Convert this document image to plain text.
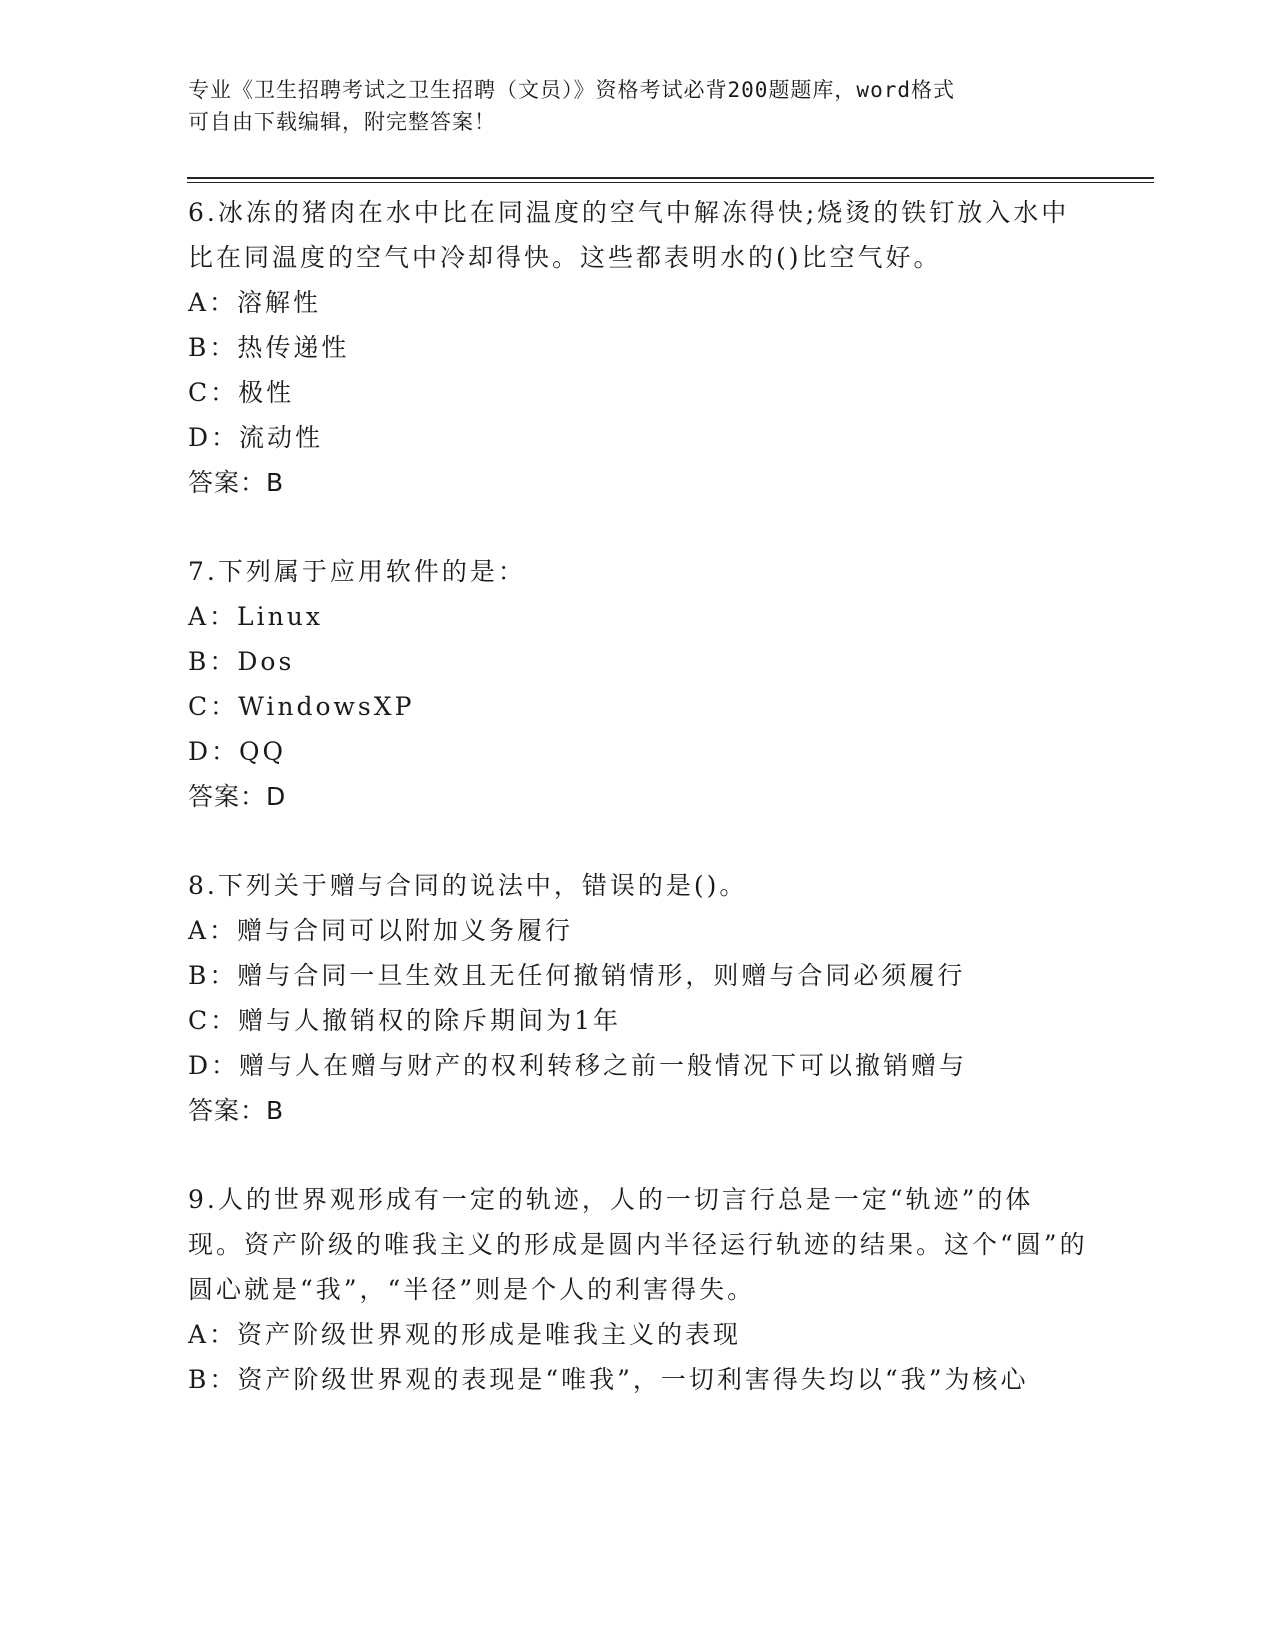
专业《卫生招聘考试之卫生招聘（文员）》资格考试必背200题题库，word格式
可自由下载编辑，附完整答案！
6.冰冻的猪肉在水中比在同温度的空气中解冻得快;烧烫的铁钉放入水中比在同温度的空气中冷却得快。这些都表明水的()比空气好。
A：溶解性
B：热传递性
C：极性
D：流动性
答案：B
7.下列属于应用软件的是：
A：Linux
B：Dos
C：WindowsXP
D：QQ
答案：D
8.下列关于赠与合同的说法中，错误的是()。
A：赠与合同可以附加义务履行
B：赠与合同一旦生效且无任何撤销情形，则赠与合同必须履行
C：赠与人撤销权的除斥期间为1年
D：赠与人在赠与财产的权利转移之前一般情况下可以撤销赠与
答案：B
9.人的世界观形成有一定的轨迹，人的一切言行总是一定“轨迹”的体现。资产阶级的唯我主义的形成是圆内半径运行轨迹的结果。这个“圆”的圆心就是“我”，“半径”则是个人的利害得失。
A：资产阶级世界观的形成是唯我主义的表现
B：资产阶级世界观的表现是“唯我”，一切利害得失均以“我”为核心
